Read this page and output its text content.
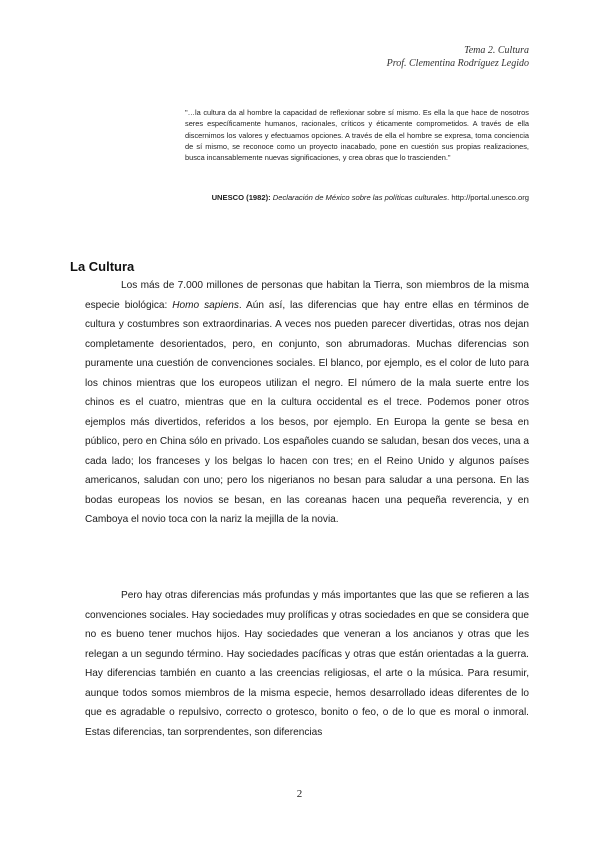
Tema 2. Cultura
Prof. Clementina Rodríguez Legido
"…la cultura da al hombre la capacidad de reflexionar sobre sí mismo. Es ella la que hace de nosotros seres específicamente humanos, racionales, críticos y éticamente comprometidos. A través de ella discernimos los valores y efectuamos opciones. A través de ella el hombre se expresa, toma conciencia de sí mismo, se reconoce como un proyecto inacabado, pone en cuestión sus propias realizaciones, busca incansablemente nuevas significaciones, y crea obras que lo trascienden."
UNESCO (1982): Declaración de México sobre las políticas culturales. http://portal.unesco.org
La Cultura
Los más de 7.000 millones de personas que habitan la Tierra, son miembros de la misma especie biológica: Homo sapiens. Aún así, las diferencias que hay entre ellas en términos de cultura y costumbres son extraordinarias. A veces nos pueden parecer divertidas, otras nos dejan completamente desorientados, pero, en conjunto, son abrumadoras. Muchas diferencias son puramente una cuestión de convenciones sociales. El blanco, por ejemplo, es el color de luto para los chinos mientras que los europeos utilizan el negro. El número de la mala suerte entre los chinos es el cuatro, mientras que en la cultura occidental es el trece. Podemos poner otros ejemplos más divertidos, referidos a los besos, por ejemplo. En Europa la gente se besa en público, pero en China sólo en privado. Los españoles cuando se saludan, besan dos veces, una a cada lado; los franceses y los belgas lo hacen con tres; en el Reino Unido y algunos países americanos, saludan con uno; pero los nigerianos no besan para saludar a una persona. En las bodas europeas los novios se besan, en las coreanas hacen una pequeña reverencia, y en Camboya el novio toca con la nariz la mejilla de la novia.
Pero hay otras diferencias más profundas y más importantes que las que se refieren a las convenciones sociales. Hay sociedades muy prolíficas y otras sociedades en que se considera que no es bueno tener muchos hijos. Hay sociedades que veneran a los ancianos y otras que les relegan a un segundo término. Hay sociedades pacíficas y otras que están orientadas a la guerra. Hay diferencias también en cuanto a las creencias religiosas, el arte o la música. Para resumir, aunque todos somos miembros de la misma especie, hemos desarrollado ideas diferentes de lo que es agradable o repulsivo, correcto o grotesco, bonito o feo, o de lo que es moral o inmoral. Estas diferencias, tan sorprendentes, son diferencias
2
